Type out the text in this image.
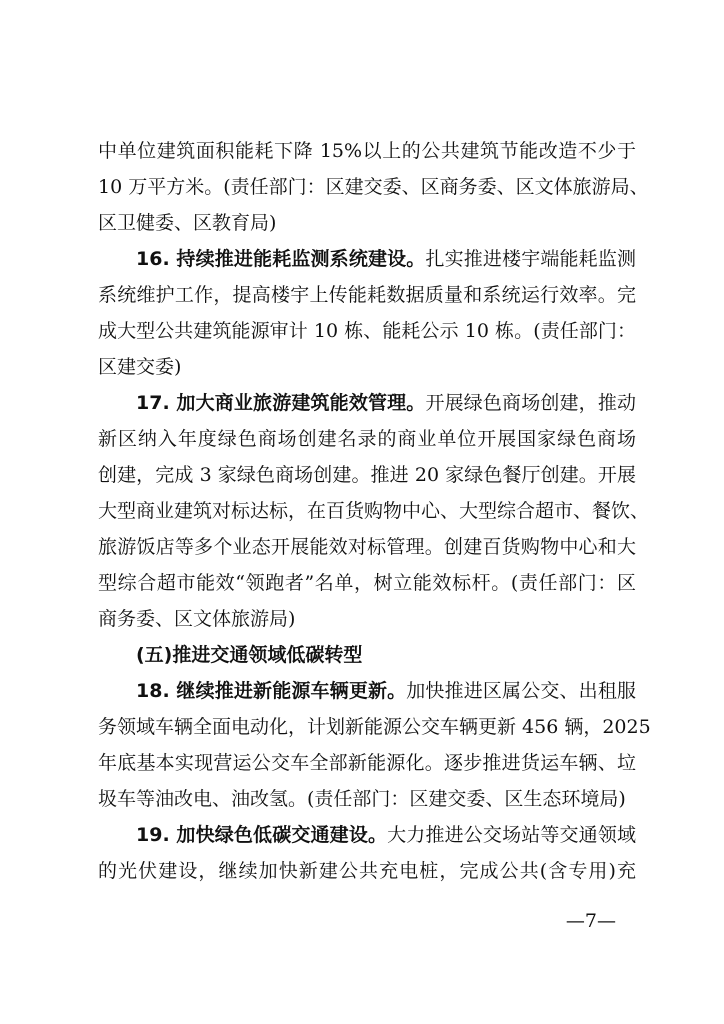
中单位建筑面积能耗下降 15%以上的公共建筑节能改造不少于
10 万平方米。(责任部门：区建交委、区商务委、区文体旅游局、
区卫健委、区教育局)
16. 持续推进能耗监测系统建设。扎实推进楼宇端能耗监测
系统维护工作，提高楼宇上传能耗数据质量和系统运行效率。完
成大型公共建筑能源审计 10 栋、能耗公示 10 栋。(责任部门：
区建交委)
17. 加大商业旅游建筑能效管理。开展绿色商场创建，推动
新区纳入年度绿色商场创建名录的商业单位开展国家绿色商场
创建，完成 3 家绿色商场创建。推进 20 家绿色餐厅创建。开展
大型商业建筑对标达标，在百货购物中心、大型综合超市、餐饮、
旅游饭店等多个业态开展能效对标管理。创建百货购物中心和大
型综合超市能效“领跑者”名单，树立能效标杆。(责任部门：区
商务委、区文体旅游局)
(五)推进交通领域低碳转型
18. 继续推进新能源车辆更新。加快推进区属公交、出租服
务领域车辆全面电动化，计划新能源公交车辆更新 456 辆，2025
年底基本实现营运公交车全部新能源化。逐步推进货运车辆、垃
圾车等油改电、油改氢。(责任部门：区建交委、区生态环境局)
19. 加快绿色低碳交通建设。大力推进公交场站等交通领域
的光伏建设，继续加快新建公共充电桩，完成公共(含专用)充
—7—
